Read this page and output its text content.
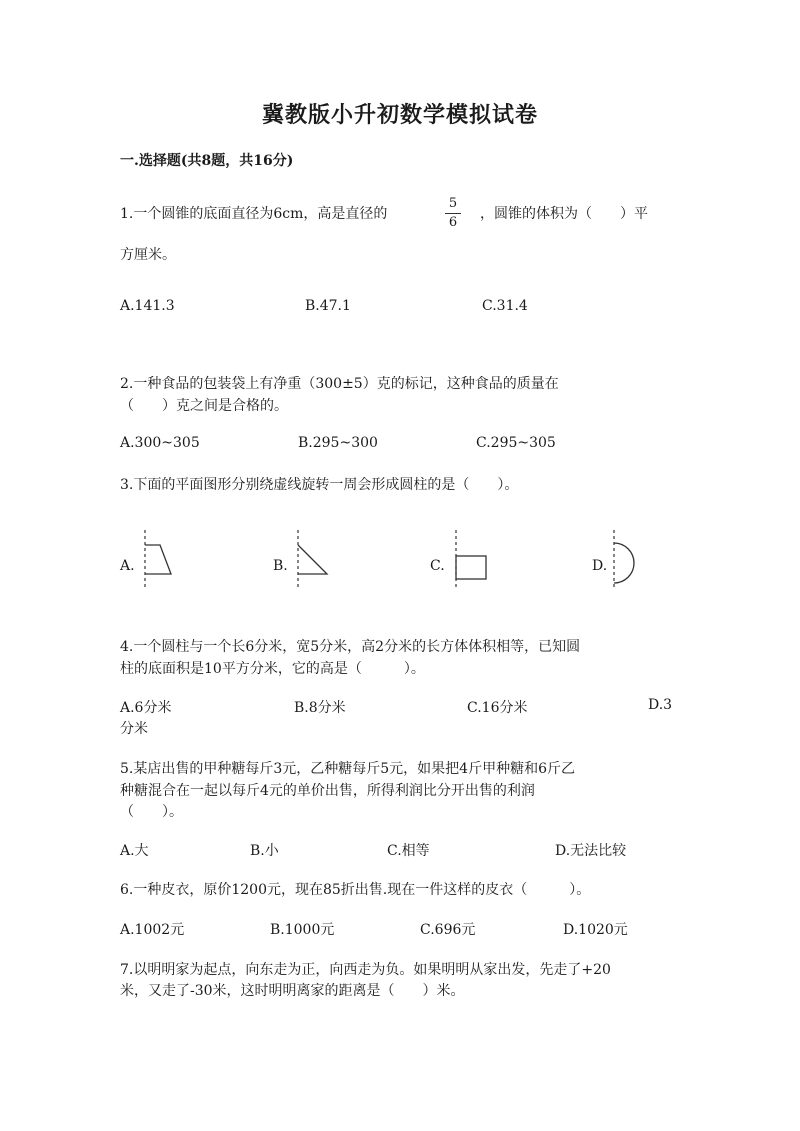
冀教版小升初数学模拟试卷
一.选择题(共8题，共16分)
1.一个圆锥的底面直径为6cm，高是直径的
5
6
，圆锥的体积为（　　）平
方厘米。
A.141.3	B.47.1	C.31.4
2.一种食品的包装袋上有净重（300±5）克的标记，这种食品的质量在
（　　）克之间是合格的。
A.300~305	B.295~300	C.295~305
3.下面的平面图形分别绕虚线旋转一周会形成圆柱的是（　　）。
A.	B.	C.	D.
4.一个圆柱与一个长6分米，宽5分米，高2分米的长方体体积相等，已知圆
柱的底面积是10平方分米，它的高是（　　　）。
A.6分米	B.8分米	C.16分米	D.3
分米
5.某店出售的甲种糖每斤3元，乙种糖每斤5元，如果把4斤甲种糖和6斤乙
种糖混合在一起以每斤4元的单价出售，所得利润比分开出售的利润
（　　）。
A.大	B.小	C.相等	D.无法比较
6.一种皮衣，原价1200元，现在85折出售.现在一件这样的皮衣（　　　）。
A.1002元	B.1000元	C.696元	D.1020元
7.以明明家为起点，向东走为正，向西走为负。如果明明从家出发，先走了+20
米，又走了-30米，这时明明离家的距离是（　　）米。
